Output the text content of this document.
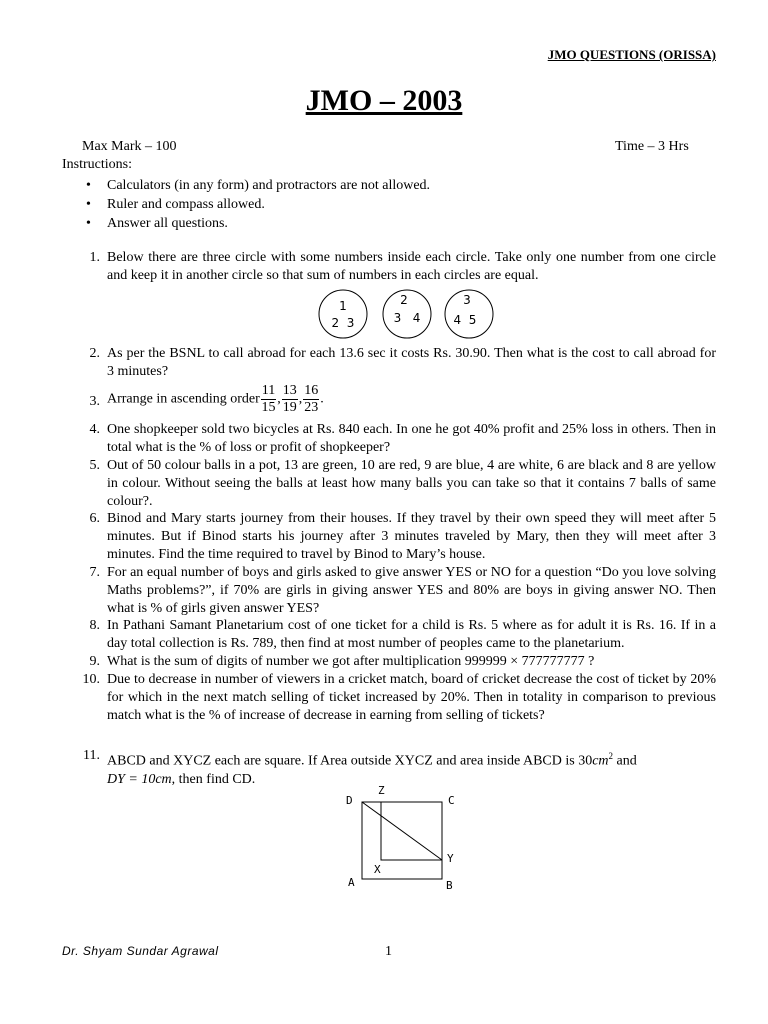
JMO QUESTIONS (ORISSA)
JMO – 2003
Max Mark – 100	Time – 3 Hrs
Instructions:
• Calculators (in any form) and protractors are not allowed.
• Ruler and compass allowed.
• Answer all questions.
1. Below there are three circle with some numbers inside each circle. Take only one number from one circle and keep it in another circle so that sum of numbers in each circles are equal.
1
2  3
2
3   4
3
4  5
2. As per the BSNL to call abroad for each 13.6 sec it costs Rs. 30.90. Then what is the cost to call abroad for 3 minutes?
3. Arrange in ascending order $\frac{11}{15}$ , $\frac{13}{19}$ , $\frac{16}{23}$ .
4. One shopkeeper sold two bicycles at Rs. 840 each. In one he got 40% profit and 25% loss in others. Then in total what is the % of loss or profit of shopkeeper?
5. Out of 50 colour balls in a pot, 13 are green, 10 are red, 9 are blue, 4 are white, 6 are black and 8 are yellow in colour. Without seeing the balls at least how many balls you can take so that it contains 7 balls of same colour?.
6. Binod and Mary starts journey from their houses. If they travel by their own speed they will meet after 5 minutes. But if Binod starts his journey after 3 minutes traveled by Mary, then they will meet after 3 minutes. Find the time required to travel by Binod to Mary’s house.
7. For an equal number of boys and girls asked to give answer YES or NO for a question “Do you love solving Maths problems?”, if 70% are girls in giving answer YES and 80% are boys in giving answer NO. Then what is % of girls given answer YES?
8. In Pathani Samant Planetarium cost of one ticket for a child is Rs. 5 where as for adult it is Rs. 16. If in a day total collection is Rs. 789, then find at most number of peoples came to the planetarium.
9. What is the sum of digits of number we got after multiplication 999999 × 777777777 ?
10. Due to decrease in number of viewers in a cricket match, board of cricket decrease the cost of ticket by 20% for which in the next match selling of ticket increased by 20%. Then in totality in comparison to previous match what is the % of increase of decrease in earning from selling of tickets?
11. ABCD and XYCZ each are square. If Area outside XYCZ and area inside ABCD is $30cm^2$ and
DY = 10cm, then find CD.
D
Z
C
X
Y
A	B
Dr. Shyam Sundar Agrawal	1
